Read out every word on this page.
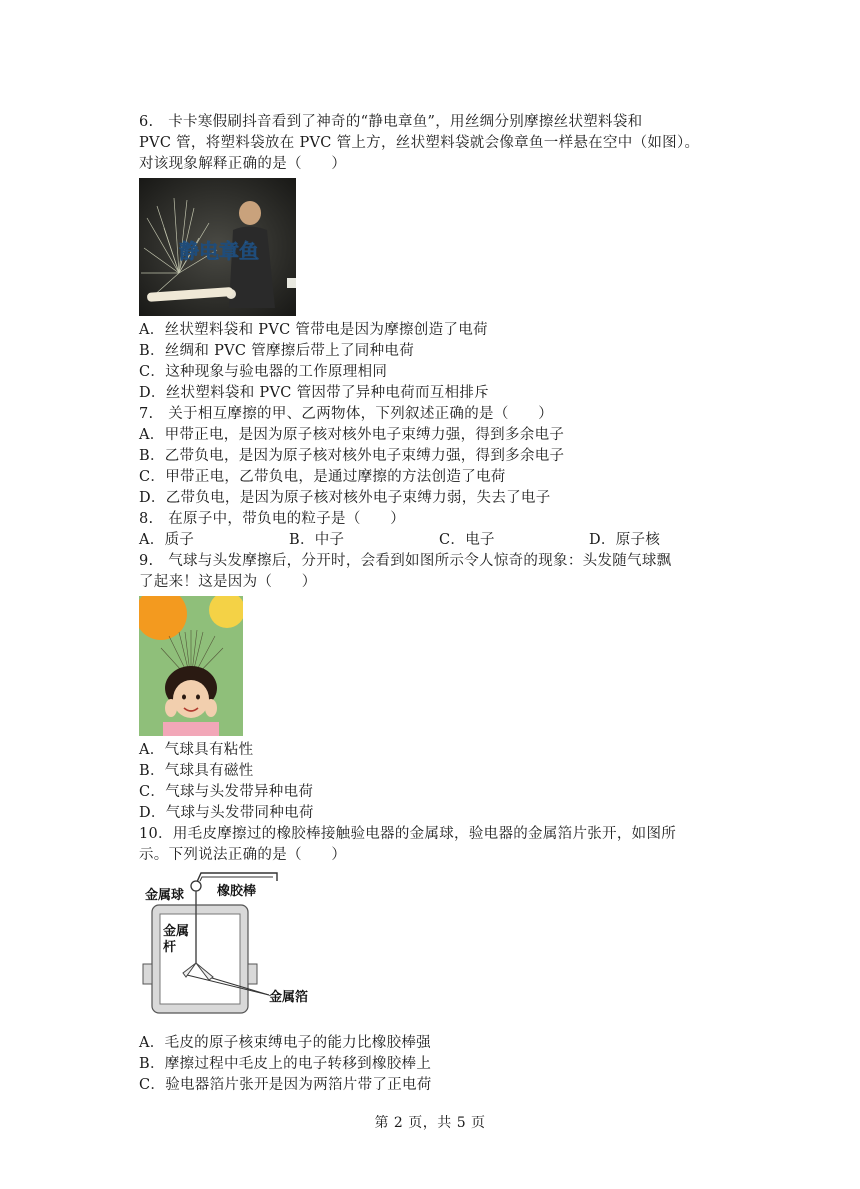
6.　卡卡寒假刷抖音看到了神奇的“静电章鱼”，用丝绸分别摩擦丝状塑料袋和

PVC 管，将塑料袋放在 PVC 管上方，丝状塑料袋就会像章鱼一样悬在空中（如图）。

对该现象解释正确的是（　　）

静电章鱼

A．丝状塑料袋和 PVC 管带电是因为摩擦创造了电荷

B．丝绸和 PVC 管摩擦后带上了同种电荷

C．这种现象与验电器的工作原理相同

D．丝状塑料袋和 PVC 管因带了异种电荷而互相排斥

7.　关于相互摩擦的甲、乙两物体，下列叙述正确的是（　　）

A．甲带正电，是因为原子核对核外电子束缚力强，得到多余电子

B．乙带负电，是因为原子核对核外电子束缚力强，得到多余电子

C．甲带正电，乙带负电，是通过摩擦的方法创造了电荷

D．乙带负电，是因为原子核对核外电子束缚力弱，失去了电子

8.　在原子中，带负电的粒子是（　　）

A．质子	B．中子	C．电子	D．原子核

9.　气球与头发摩擦后，分开时，会看到如图所示令人惊奇的现象：头发随气球飘

了起来！这是因为（　　）

A．气球具有粘性

B．气球具有磁性

C．气球与头发带异种电荷

D．气球与头发带同种电荷

10．用毛皮摩擦过的橡胶棒接触验电器的金属球，验电器的金属箔片张开，如图所

示。下列说法正确的是（　　）

金属球	橡胶棒
金属
杆
金属箔

A．毛皮的原子核束缚电子的能力比橡胶棒强

B．摩擦过程中毛皮上的电子转移到橡胶棒上

C．验电器箔片张开是因为两箔片带了正电荷

第 2 页，共 5 页
